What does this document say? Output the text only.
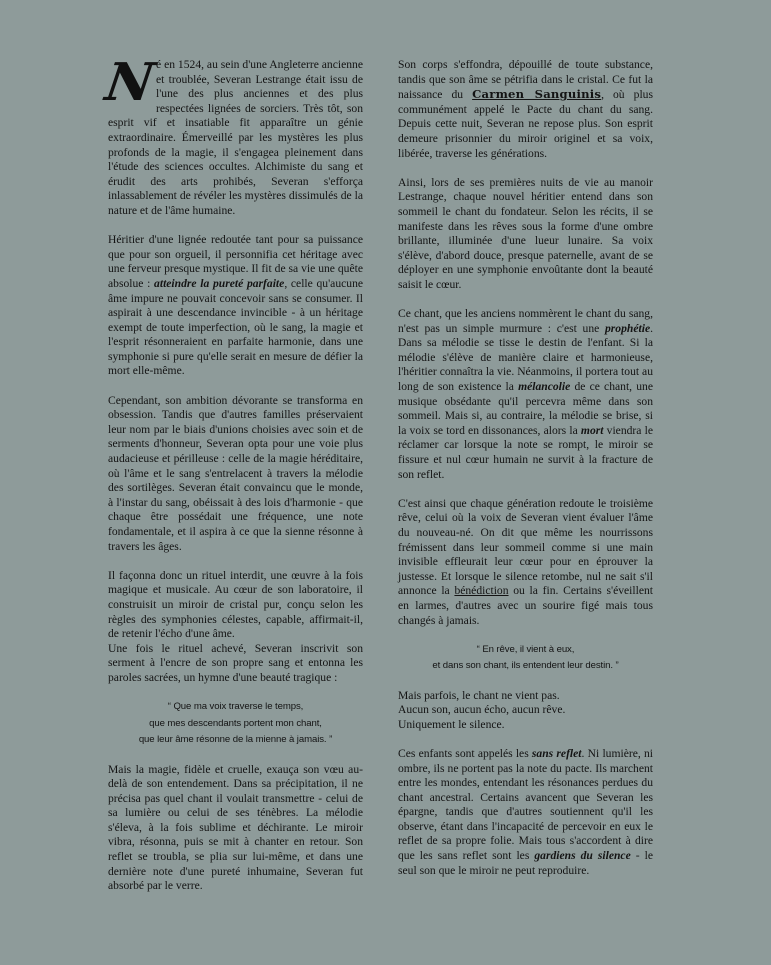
N
é en 1524, au sein d'une Angleterre ancienne et troublée, Severan Lestrange était issu de l'une des plus anciennes et des plus respectées lignées de sorciers. Très tôt, son esprit vif et insatiable fit apparaître un génie extraordinaire. Émerveillé par les mystères les plus profonds de la magie, il s'engagea pleinement dans l'étude des sciences occultes. Alchimiste du sang et érudit des arts prohibés, Severan s'efforça inlassablement de révéler les mystères dissimulés de la nature et de l'âme humaine.

Héritier d'une lignée redoutée tant pour sa puissance que pour son orgueil, il personnifia cet héritage avec une ferveur presque mystique. Il fit de sa vie une quête absolue : atteindre la pureté parfaite, celle qu'aucune âme impure ne pouvait concevoir sans se consumer. Il aspirait à une descendance invincible - à un héritage exempt de toute imperfection, où le sang, la magie et l'esprit résonneraient en parfaite harmonie, dans une symphonie si pure qu'elle serait en mesure de défier la mort elle-même.

Cependant, son ambition dévorante se transforma en obsession. Tandis que d'autres familles préservaient leur nom par le biais d'unions choisies avec soin et de serments d'honneur, Severan opta pour une voie plus audacieuse et périlleuse : celle de la magie héréditaire, où l'âme et le sang s'entrelacent à travers la mélodie des sortilèges. Severan était convaincu que le monde, à l'instar du sang, obéissait à des lois d'harmonie - que chaque être possédait une fréquence, une note fondamentale, et il aspira à ce que la sienne résonne à travers les âges.

Il façonna donc un rituel interdit, une œuvre à la fois magique et musicale. Au cœur de son laboratoire, il construisit un miroir de cristal pur, conçu selon les règles des symphonies célestes, capable, affirmait-il, de retenir l'écho d'une âme.

Une fois le rituel achevé, Severan inscrivit son serment à l'encre de son propre sang et entonna les paroles sacrées, un hymne d'une beauté tragique :

“ Que ma voix traverse le temps,
que mes descendants portent mon chant,
que leur âme résonne de la mienne à jamais. ”

Mais la magie, fidèle et cruelle, exauça son vœu au-delà de son entendement. Dans sa précipitation, il ne précisa pas quel chant il voulait transmettre - celui de sa lumière ou celui de ses ténèbres. La mélodie s'éleva, à la fois sublime et déchirante. Le miroir vibra, résonna, puis se mit à chanter en retour. Son reflet se troubla, se plia sur lui-même, et dans une dernière note d'une pureté inhumaine, Severan fut absorbé par le verre.

Son corps s'effondra, dépouillé de toute substance, tandis que son âme se pétrifia dans le cristal. Ce fut la naissance du Carmen Sanguinis, où plus communément appelé le Pacte du chant du sang. Depuis cette nuit, Severan ne repose plus. Son esprit demeure prisonnier du miroir originel et sa voix, libérée, traverse les générations.

Ainsi, lors de ses premières nuits de vie au manoir Lestrange, chaque nouvel héritier entend dans son sommeil le chant du fondateur. Selon les récits, il se manifeste dans les rêves sous la forme d'une ombre brillante, illuminée d'une lueur lunaire. Sa voix s'élève, d'abord douce, presque paternelle, avant de se déployer en une symphonie envoûtante dont la beauté saisit le cœur.

Ce chant, que les anciens nommèrent le chant du sang, n'est pas un simple murmure : c'est une prophétie. Dans sa mélodie se tisse le destin de l'enfant. Si la mélodie s'élève de manière claire et harmonieuse, l'héritier connaîtra la vie. Néanmoins, il portera tout au long de son existence la mélancolie de ce chant, une musique obsédante qu'il percevra même dans son sommeil. Mais si, au contraire, la mélodie se brise, si la voix se tord en dissonances, alors la mort viendra le réclamer car lorsque la note se rompt, le miroir se fissure et nul cœur humain ne survit à la fracture de son reflet.

C'est ainsi que chaque génération redoute le troisième rêve, celui où la voix de Severan vient évaluer l'âme du nouveau-né. On dit que même les nourrissons frémissent dans leur sommeil comme si une main invisible effleurait leur cœur pour en éprouver la justesse. Et lorsque le silence retombe, nul ne sait s'il annonce la bénédiction ou la fin. Certains s'éveillent en larmes, d'autres avec un sourire figé mais tous changés à jamais.

“ En rêve, il vient à eux,
et dans son chant, ils entendent leur destin. ”

Mais parfois, le chant ne vient pas.
Aucun son, aucun écho, aucun rêve.
Uniquement le silence.

Ces enfants sont appelés les sans reflet. Ni lumière, ni ombre, ils ne portent pas la note du pacte. Ils marchent entre les mondes, entendant les résonances perdues du chant ancestral. Certains avancent que Severan les épargne, tandis que d'autres soutiennent qu'il les observe, étant dans l'incapacité de percevoir en eux le reflet de sa propre folie. Mais tous s'accordent à dire que les sans reflet sont les gardiens du silence - le seul son que le miroir ne peut reproduire.
